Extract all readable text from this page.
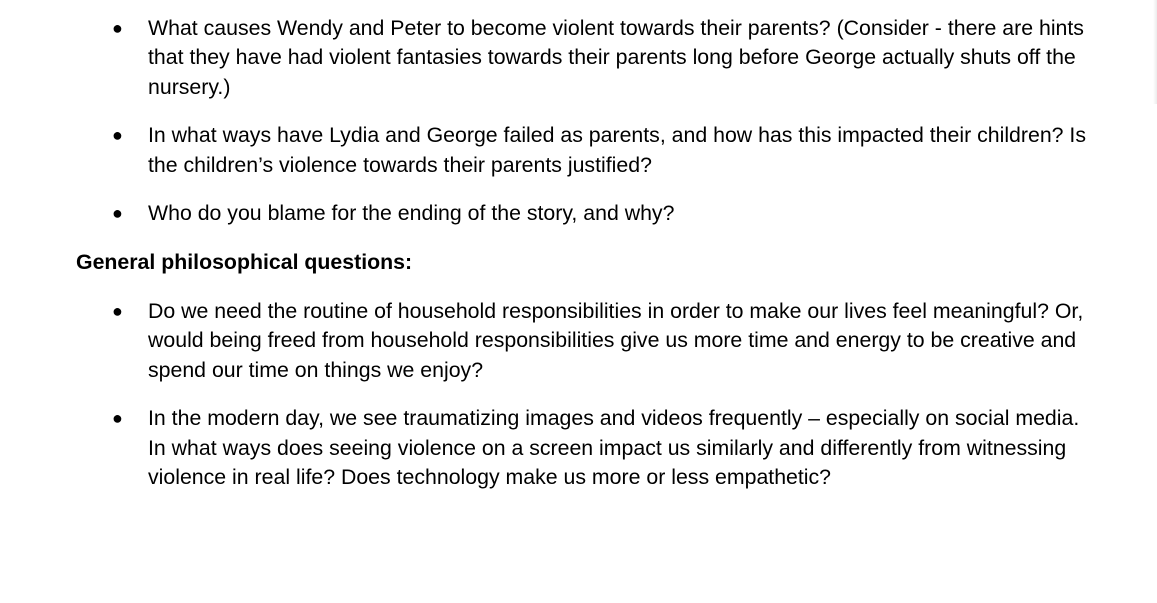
● What causes Wendy and Peter to become violent towards their parents? (Consider - there are hints that they have had violent fantasies towards their parents long before George actually shuts off the nursery.)
● In what ways have Lydia and George failed as parents, and how has this impacted their children? Is the children’s violence towards their parents justified?
● Who do you blame for the ending of the story, and why?
General philosophical questions:
● Do we need the routine of household responsibilities in order to make our lives feel meaningful? Or, would being freed from household responsibilities give us more time and energy to be creative and spend our time on things we enjoy?
● In the modern day, we see traumatizing images and videos frequently – especially on social media. In what ways does seeing violence on a screen impact us similarly and differently from witnessing violence in real life? Does technology make us more or less empathetic?
